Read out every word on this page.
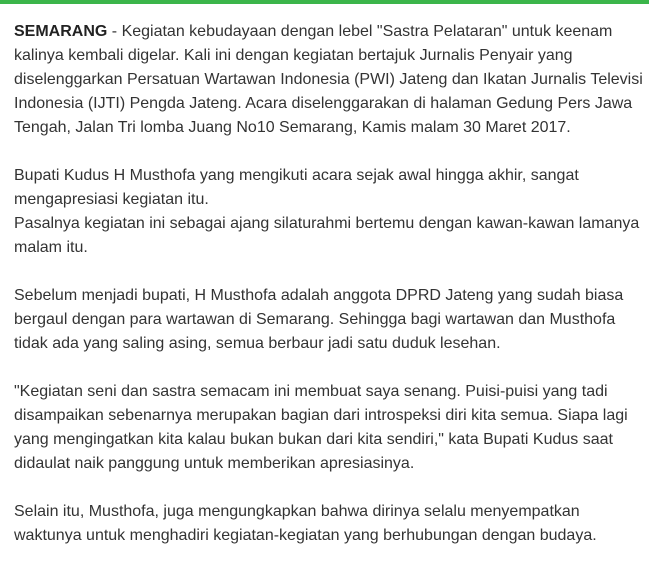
SEMARANG - Kegiatan kebudayaan dengan lebel "Sastra Pelataran" untuk keenam kalinya kembali digelar. Kali ini dengan kegiatan bertajuk Jurnalis Penyair yang diselenggarkan Persatuan Wartawan Indonesia (PWI) Jateng dan Ikatan Jurnalis Televisi Indonesia (IJTI) Pengda Jateng. Acara diselenggarakan di halaman Gedung Pers Jawa Tengah, Jalan Tri lomba Juang No10 Semarang, Kamis malam 30 Maret 2017.

Bupati Kudus H Musthofa yang mengikuti acara sejak awal hingga akhir, sangat mengapresiasi kegiatan itu.
Pasalnya kegiatan ini sebagai ajang silaturahmi bertemu dengan kawan-kawan lamanya malam itu.

Sebelum menjadi bupati, H Musthofa adalah anggota DPRD Jateng yang sudah biasa bergaul dengan para wartawan di Semarang. Sehingga bagi wartawan dan Musthofa tidak ada yang saling asing, semua berbaur jadi satu duduk lesehan.

"Kegiatan seni dan sastra semacam ini membuat saya senang. Puisi-puisi yang tadi disampaikan sebenarnya merupakan bagian dari introspeksi diri kita semua. Siapa lagi yang mengingatkan kita kalau bukan bukan dari kita sendiri," kata Bupati Kudus saat didaulat naik panggung untuk memberikan apresiasinya.

Selain itu, Musthofa, juga mengungkapkan bahwa dirinya selalu menyempatkan waktunya untuk menghadiri kegiatan-kegiatan yang berhubungan dengan budaya.
